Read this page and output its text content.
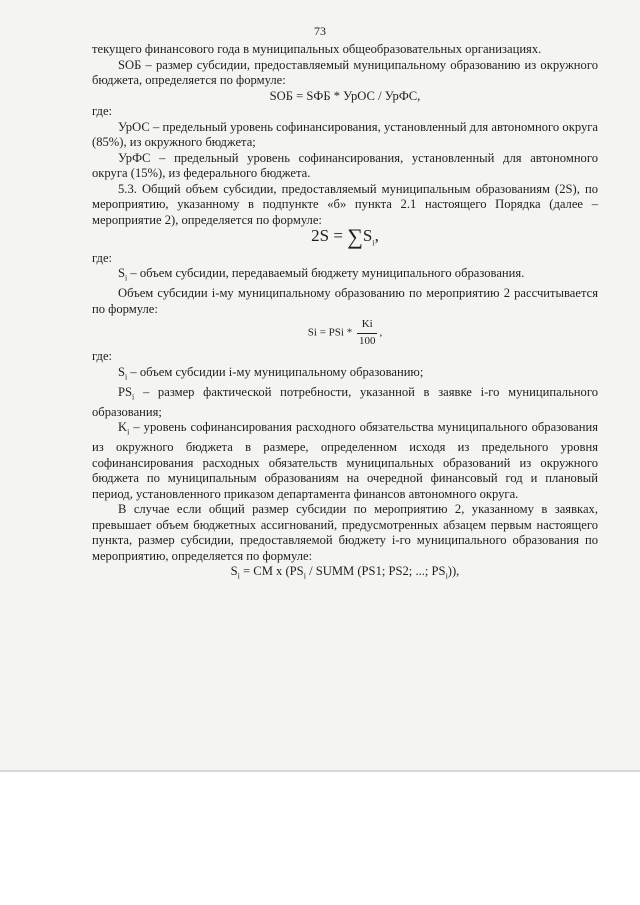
73

текущего финансового года в муниципальных общеобразовательных организациях.

SОБ – размер субсидии, предоставляемый муниципальному образованию из окружного бюджета, определяется по формуле:

SОБ = SФБ * УрОС / УрФС,

где:

УрОС – предельный уровень софинансирования, установленный для автономного округа (85%), из окружного бюджета;

УрФС – предельный уровень софинансирования, установленный для автономного округа (15%), из федерального бюджета.

5.3. Общий объем субсидии, предоставляемый муниципальным образованиям (2S), по мероприятию, указанному в подпункте «б» пункта 2.1 настоящего Порядка (далее – мероприятие 2), определяется по формуле:

$2S = \sum S_i$,

где:

$S_i$ – объем субсидии, передаваемый бюджету муниципального образования.

Объем субсидии i-му муниципальному образованию по мероприятию 2 рассчитывается по формуле:

Si = PSi * $\frac{Ki}{100}$ ,

где:

$S_i$ – объем субсидии i-му муниципальному образованию;

$PS_i$ – размер фактической потребности, указанной в заявке i-го муниципального образования;

$K_i$ – уровень софинансирования расходного обязательства муниципального образования из окружного бюджета в размере, определенном исходя из предельного уровня софинансирования расходных обязательств муниципальных образований из окружного бюджета по муниципальным образованиям на очередной финансовый год и плановый период, установленного приказом департамента финансов автономного округа.

В случае если общий размер субсидии по мероприятию 2, указанному в заявках, превышает объем бюджетных ассигнований, предусмотренных абзацем первым настоящего пункта, размер субсидии, предоставляемой бюджету i-го муниципального образования по мероприятию, определяется по формуле:

$S_i$ = CM x ($PS_i$ / SUMM (PS1; PS2; ...; $PS_i$)),
